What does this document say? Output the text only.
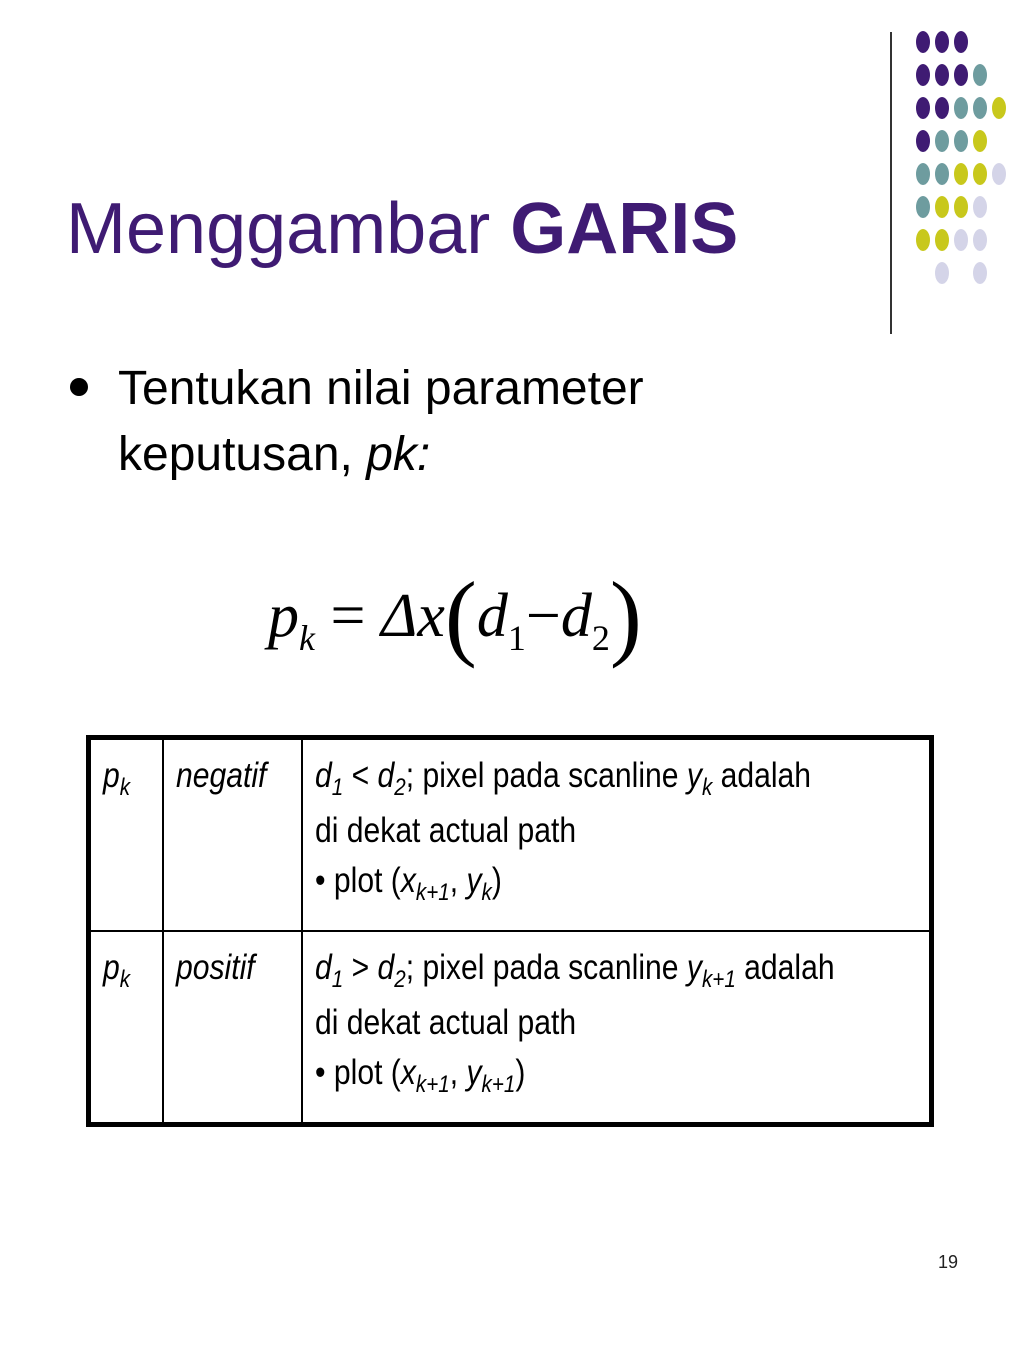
Menggambar GARIS
Tentukan nilai parameter
keputusan, pk:
$p_k = \Delta x(d_1-d_2)$
$p_k$	negatif	$d_1 < d_2$; pixel pada scanline $y_k$ adalah
di dekat actual path
• plot ($x_{k+1}$, $y_k$)

$p_k$	positif	$d_1 > d_2$; pixel pada scanline $y_{k+1}$ adalah
di dekat actual path
• plot ($x_{k+1}$, $y_{k+1}$)
19
